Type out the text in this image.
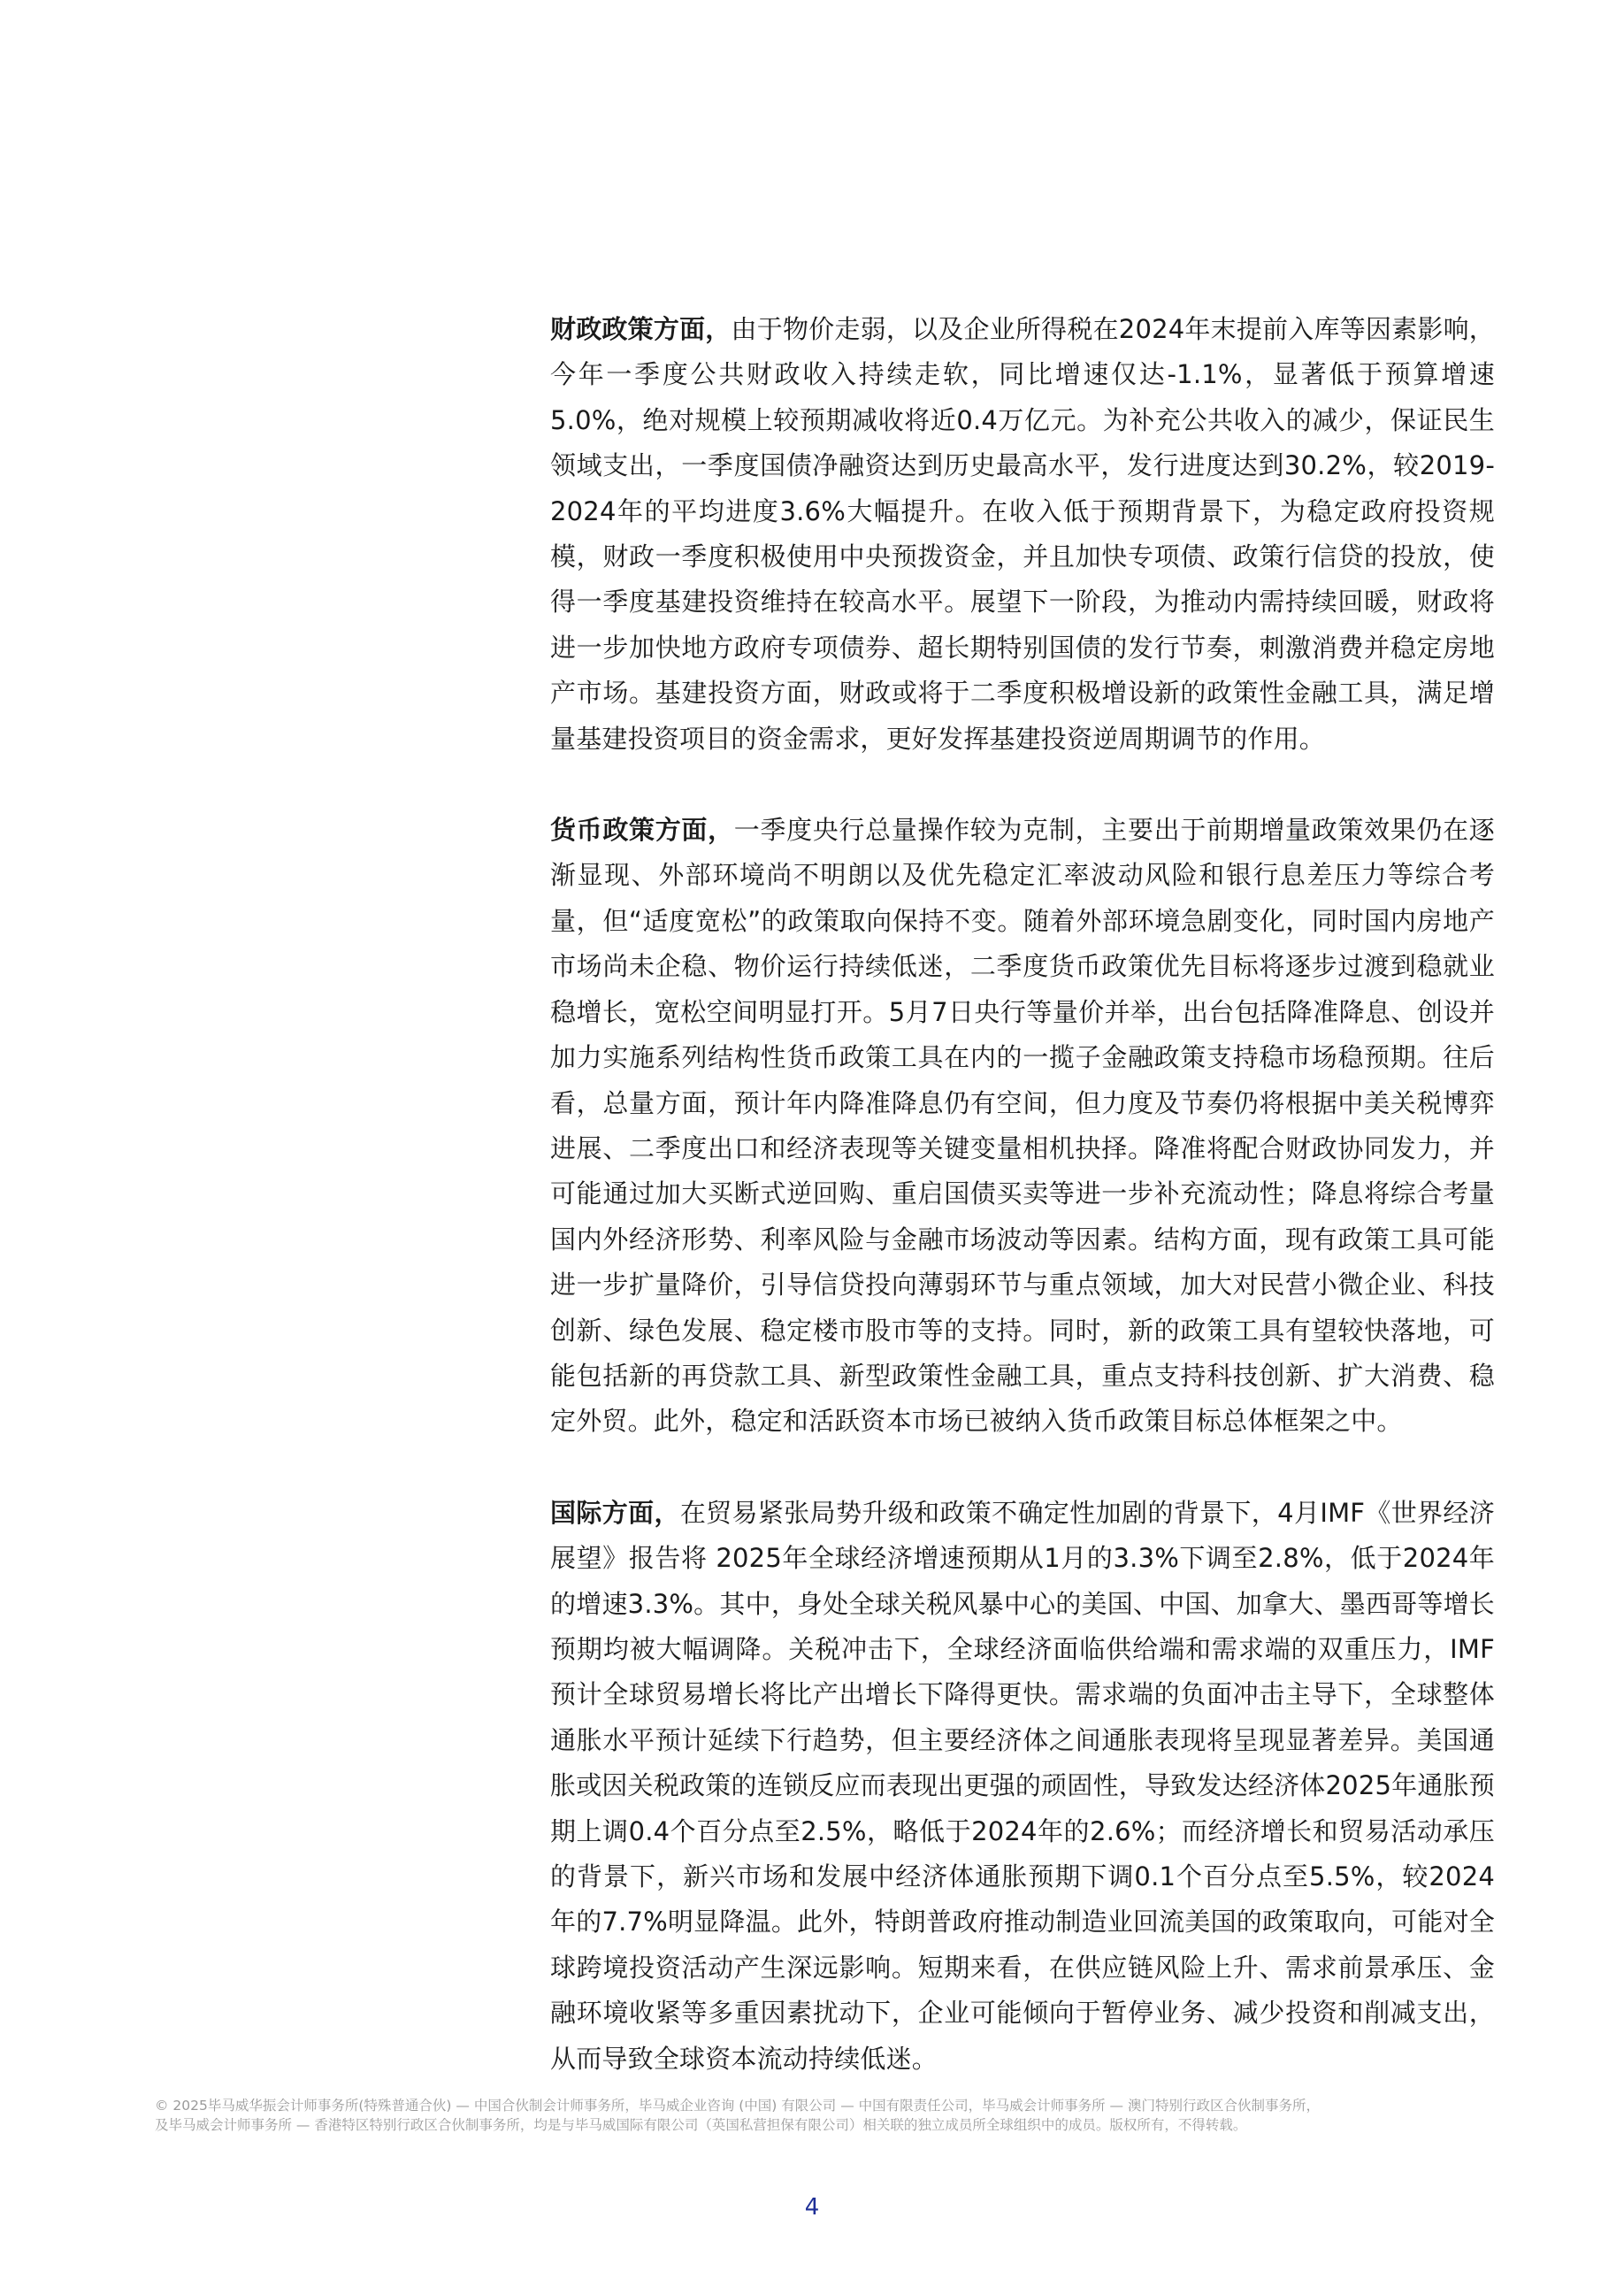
财政政策方面，由于物价走弱，以及企业所得税在2024年末提前入库等因素影响，今年一季度公共财政收入持续走软，同比增速仅达-1.1%，显著低于预算增速5.0%，绝对规模上较预期减收将近0.4万亿元。为补充公共收入的减少，保证民生领域支出，一季度国债净融资达到历史最高水平，发行进度达到30.2%，较2019-2024年的平均进度3.6%大幅提升。在收入低于预期背景下，为稳定政府投资规模，财政一季度积极使用中央预拨资金，并且加快专项债、政策行信贷的投放，使得一季度基建投资维持在较高水平。展望下一阶段，为推动内需持续回暖，财政将进一步加快地方政府专项债券、超长期特别国债的发行节奏，刺激消费并稳定房地产市场。基建投资方面，财政或将于二季度积极增设新的政策性金融工具，满足增量基建投资项目的资金需求，更好发挥基建投资逆周期调节的作用。

货币政策方面，一季度央行总量操作较为克制，主要出于前期增量政策效果仍在逐渐显现、外部环境尚不明朗以及优先稳定汇率波动风险和银行息差压力等综合考量，但“适度宽松”的政策取向保持不变。随着外部环境急剧变化，同时国内房地产市场尚未企稳、物价运行持续低迷，二季度货币政策优先目标将逐步过渡到稳就业稳增长，宽松空间明显打开。5月7日央行等量价并举，出台包括降准降息、创设并加力实施系列结构性货币政策工具在内的一揽子金融政策支持稳市场稳预期。往后看，总量方面，预计年内降准降息仍有空间，但力度及节奏仍将根据中美关税博弈进展、二季度出口和经济表现等关键变量相机抉择。降准将配合财政协同发力，并可能通过加大买断式逆回购、重启国债买卖等进一步补充流动性；降息将综合考量国内外经济形势、利率风险与金融市场波动等因素。结构方面，现有政策工具可能进一步扩量降价，引导信贷投向薄弱环节与重点领域，加大对民营小微企业、科技创新、绿色发展、稳定楼市股市等的支持。同时，新的政策工具有望较快落地，可能包括新的再贷款工具、新型政策性金融工具，重点支持科技创新、扩大消费、稳定外贸。此外，稳定和活跃资本市场已被纳入货币政策目标总体框架之中。

国际方面，在贸易紧张局势升级和政策不确定性加剧的背景下，4月IMF《世界经济展望》报告将 2025年全球经济增速预期从1月的3.3%下调至2.8%，低于2024年的增速3.3%。其中，身处全球关税风暴中心的美国、中国、加拿大、墨西哥等增长预期均被大幅调降。关税冲击下，全球经济面临供给端和需求端的双重压力，IMF预计全球贸易增长将比产出增长下降得更快。需求端的负面冲击主导下，全球整体通胀水平预计延续下行趋势，但主要经济体之间通胀表现将呈现显著差异。美国通胀或因关税政策的连锁反应而表现出更强的顽固性，导致发达经济体2025年通胀预期上调0.4个百分点至2.5%，略低于2024年的2.6%；而经济增长和贸易活动承压的背景下，新兴市场和发展中经济体通胀预期下调0.1个百分点至5.5%，较2024年的7.7%明显降温。此外，特朗普政府推动制造业回流美国的政策取向，可能对全球跨境投资活动产生深远影响。短期来看，在供应链风险上升、需求前景承压、金融环境收紧等多重因素扰动下，企业可能倾向于暂停业务、减少投资和削减支出，从而导致全球资本流动持续低迷。

© 2025毕马威华振会计师事务所(特殊普通合伙) — 中国合伙制会计师事务所，毕马威企业咨询 (中国) 有限公司 — 中国有限责任公司，毕马威会计师事务所 — 澳门特别行政区合伙制事务所，
及毕马威会计师事务所 — 香港特区特别行政区合伙制事务所，均是与毕马威国际有限公司（英国私营担保有限公司）相关联的独立成员所全球组织中的成员。版权所有，不得转载。
4
